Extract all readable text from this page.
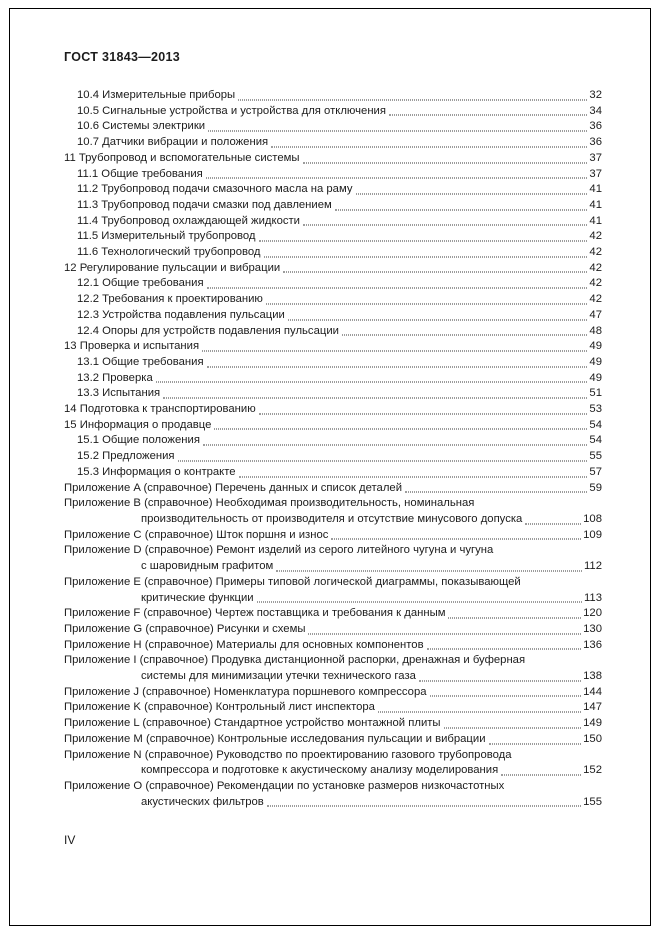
ГОСТ 31843—2013
10.4 Измерительные приборы	32
10.5 Сигнальные устройства и устройства для отключения	34
10.6 Системы электрики	36
10.7 Датчики вибрации и положения	36
11 Трубопровод и вспомогательные системы	37
11.1 Общие требования	37
11.2 Трубопровод подачи смазочного масла на раму	41
11.3 Трубопровод подачи смазки под давлением	41
11.4 Трубопровод охлаждающей жидкости	41
11.5 Измерительный трубопровод	42
11.6 Технологический трубопровод	42
12 Регулирование пульсации и вибрации	42
12.1 Общие требования	42
12.2 Требования к проектированию	42
12.3 Устройства подавления пульсации	47
12.4 Опоры для устройств подавления пульсации	48
13 Проверка и испытания	49
13.1 Общие требования	49
13.2 Проверка	49
13.3 Испытания	51
14 Подготовка к транспортированию	53
15 Информация о продавце	54
15.1 Общие положения	54
15.2 Предложения	55
15.3 Информация о контракте	57
Приложение A (справочное) Перечень данных и список деталей	59
Приложение B (справочное) Необходимая производительность, номинальная
производительность от производителя и отсутствие минусового допуска	108
Приложение C (справочное) Шток поршня и износ	109
Приложение D (справочное) Ремонт изделий из серого литейного чугуна и чугуна
с шаровидным графитом	112
Приложение E (справочное) Примеры типовой логической диаграммы, показывающей
критические функции	113
Приложение F (справочное) Чертеж поставщика и требования к данным	120
Приложение G (справочное) Рисунки и схемы	130
Приложение H (справочное) Материалы для основных компонентов	136
Приложение I (справочное) Продувка дистанционной распорки, дренажная и буферная
системы для минимизации утечки технического газа	138
Приложение J (справочное) Номенклатура поршневого компрессора	144
Приложение K (справочное) Контрольный лист инспектора	147
Приложение L (справочное) Стандартное устройство монтажной плиты	149
Приложение M (справочное) Контрольные исследования пульсации и вибрации	150
Приложение N (справочное) Руководство по проектированию газового трубопровода
компрессора и подготовке к акустическому анализу моделирования	152
Приложение O (справочное) Рекомендации по установке размеров низкочастотных
акустических фильтров	155
IV
